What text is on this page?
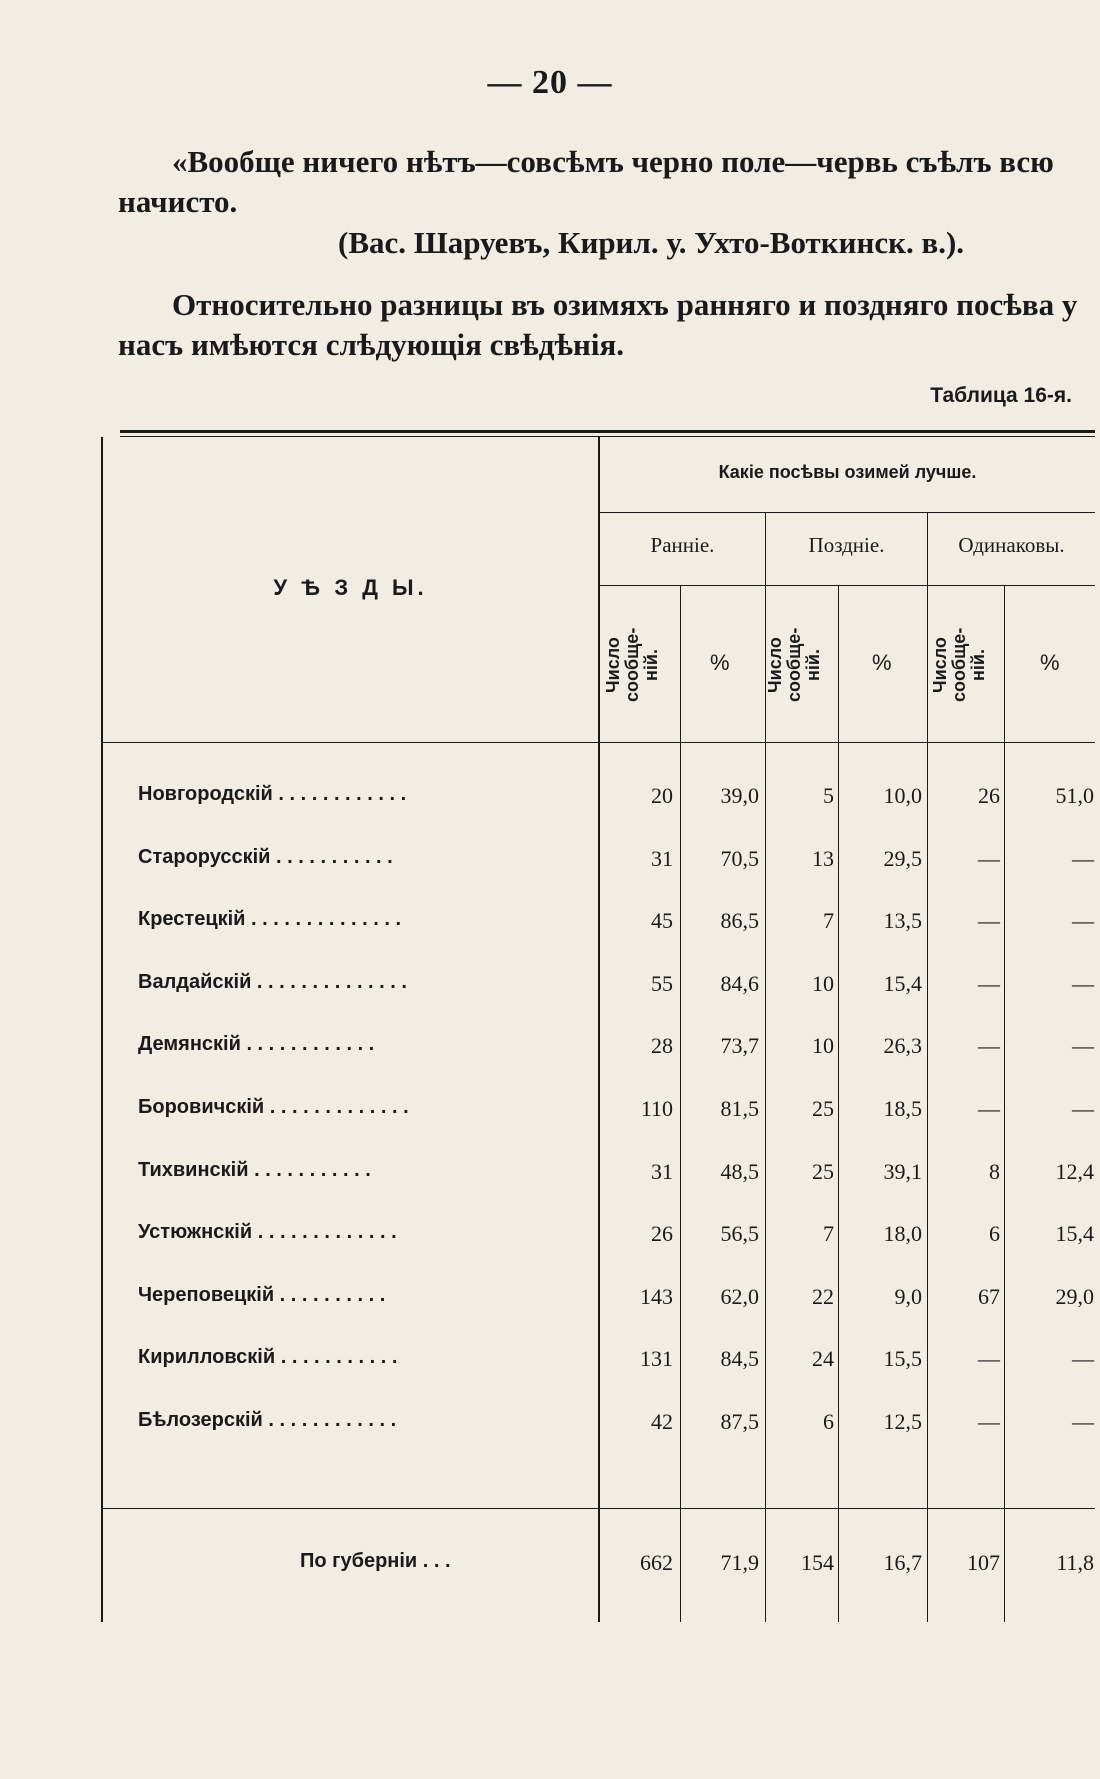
— 20 —
«Вообще ничего нѣтъ—совсѣмъ черно поле—червь съѣлъ всю начисто.
(Вас. Шаруевъ, Кирил. у. Ухто-Воткинск. в.).
Относительно разницы въ озимяхъ ранняго и поздняго посѣва у насъ имѣются слѣдующія свѣдѣнія.
Таблица 16-я.
У Ѣ З Д Ы.
Какіе посѣвы озимей лучше.
Ранніе.	Поздніе.	Одинаковы.
Число
сообще-
ній.	Число
сообще-
ній.	Число
сообще-
ній.
%	%	%
Новгородскій . . . . . . . . . . . .	20	39,0	5	10,0	26	51,0
Старорусскій . . . . . . . . . . .	31	70,5	13	29,5	—	—
Крестецкій . . . . . . . . . . . . . .	45	86,5	7	13,5	—	—
Валдайскій . . . . . . . . . . . . . .	55	84,6	10	15,4	—	—
Демянскій . . . . . . . . . . . .	28	73,7	10	26,3	—	—
Боровичскій . . . . . . . . . . . . .	110	81,5	25	18,5	—	—
Тихвинскій . . . . . . . . . . .	31	48,5	25	39,1	8	12,4
Устюжнскій . . . . . . . . . . . . .	26	56,5	7	18,0	6	15,4
Череповецкій . . . . . . . . . .	143	62,0	22	9,0	67	29,0
Кирилловскій . . . . . . . . . . .	131	84,5	24	15,5	—	—
Бѣлозерскій . . . . . . . . . . . .	42	87,5	6	12,5	—	—
По губерніи . . .	662	71,9	154	16,7	107	11,8
